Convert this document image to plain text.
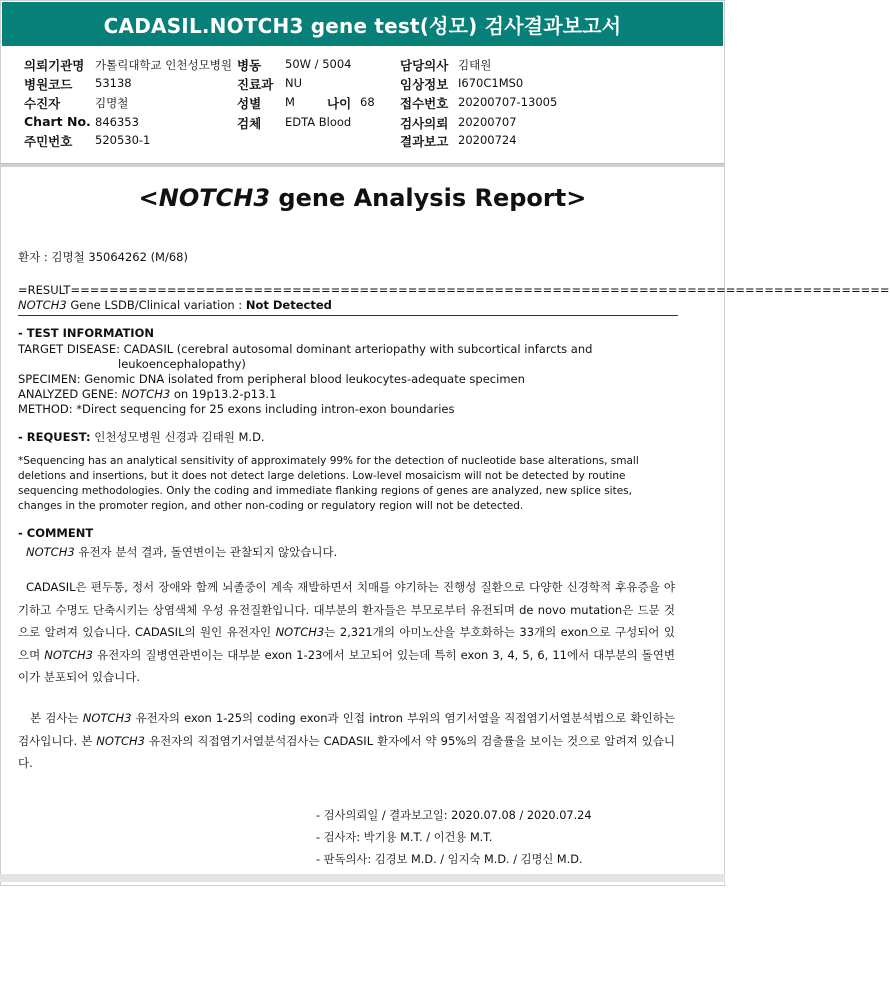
CADASIL.NOTCH3 gene test(성모) 검사결과보고서
의뢰기관명 가톨릭대학교 인천성모병원
병원코드 53138
수진자	김명철
Chart No. 846353
주민번호 520530-1
병동 50W / 5004
진료과 NU
성별 M	나이 68
검체 EDTA Blood
담당의사 김태원
임상정보 I670C1MS0
접수번호 20200707-13005
검사의뢰 20200707
결과보고 20200724
<NOTCH3 gene Analysis Report>
환자 : 김명철 35064262 (M/68)
=RESULT=====================================================================================
NOTCH3 Gene LSDB/Clinical variation : Not Detected
- TEST INFORMATION
TARGET DISEASE: CADASIL (cerebral autosomal dominant arteriopathy with subcortical infarcts and
leukoencephalopathy)
SPECIMEN: Genomic DNA isolated from peripheral blood leukocytes-adequate specimen
ANALYZED GENE: NOTCH3 on 19p13.2-p13.1
METHOD: *Direct sequencing for 25 exons including intron-exon boundaries
- REQUEST: 인천성모병원 신경과 김태원 M.D.
*Sequencing has an analytical sensitivity of approximately 99% for the detection of nucleotide base alterations, small deletions and insertions, but it does not detect large deletions. Low-level mosaicism will not be detected by routine sequencing methodologies. Only the coding and immediate flanking regions of genes are analyzed, new splice sites, changes in the promoter region, and other non-coding or regulatory region will not be detected.
- COMMENT
NOTCH3 유전자 분석 결과, 돌연변이는 관찰되지 않았습니다.
CADASIL은 편두통, 정서 장애와 함께 뇌졸중이 계속 재발하면서 치매를 야기하는 진행성 질환으로 다양한 신경학적 후유증을 야기하고 수명도 단축시키는 상염색체 우성 유전질환입니다. 대부분의 환자들은 부모로부터 유전되며 de novo mutation은 드문 것으로 알려져 있습니다. CADASIL의 원인 유전자인 NOTCH3는 2,321개의 아미노산을 부호화하는 33개의 exon으로 구성되어 있으며 NOTCH3 유전자의 질병연관변이는 대부분 exon 1-23에서 보고되어 있는데 특히 exon 3, 4, 5, 6, 11에서 대부분의 돌연변이가 분포되어 있습니다.
본 검사는 NOTCH3 유전자의 exon 1-25의 coding exon과 인접 intron 부위의 염기서열을 직접염기서열분석법으로 확인하는 검사입니다. 본 NOTCH3 유전자의 직접염기서열분석검사는 CADASIL 환자에서 약 95%의 검출률을 보이는 것으로 알려져 있습니다.
- 검사의뢰일 / 결과보고일: 2020.07.08 / 2020.07.24
- 검사자: 박기용 M.T. / 이건용 M.T.
- 판독의사: 김경보 M.D. / 임지숙 M.D. / 김명신 M.D.
